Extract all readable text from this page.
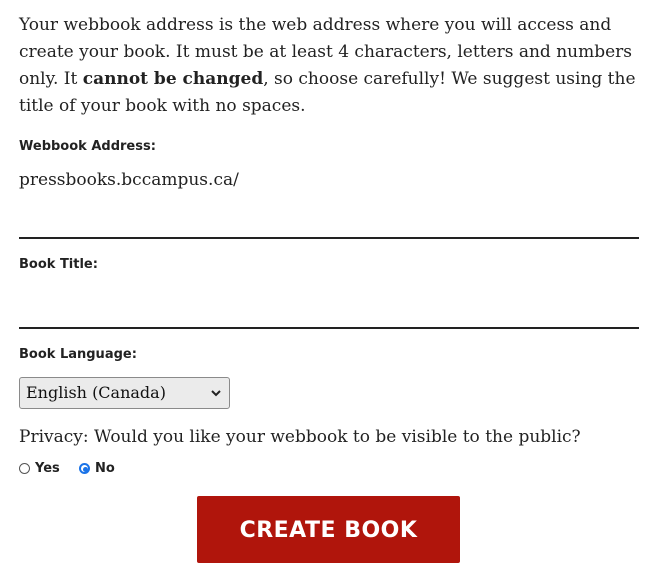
Your webbook address is the web address where you will access and create your book. It must be at least 4 characters, letters and numbers only. It cannot be changed, so choose carefully! We suggest using the title of your book with no spaces.

Webbook Address:
pressbooks.bccampus.ca/
Book Title:
Book Language:
English (Canada)
Privacy: Would you like your webbook to be visible to the public?
Yes	No
CREATE BOOK
